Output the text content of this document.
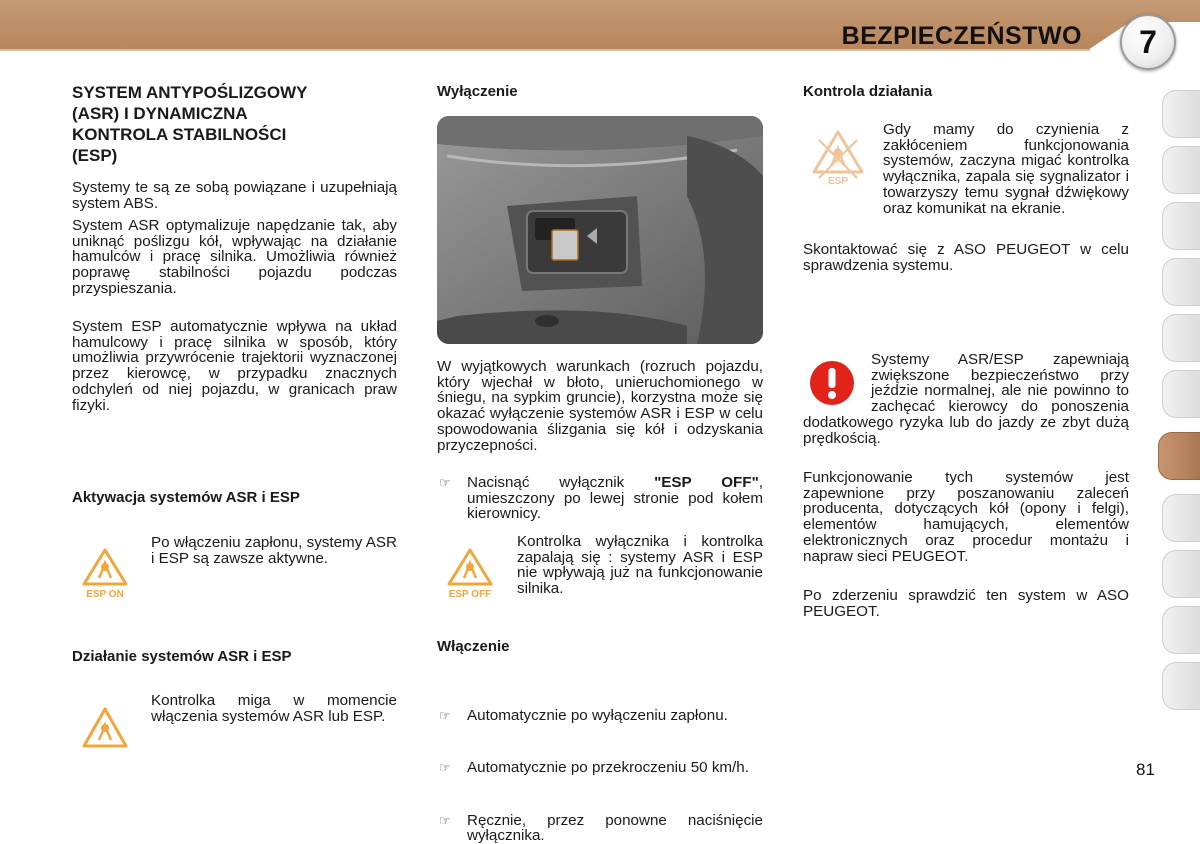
BEZPIECZEŃSTWO	7
SYSTEM ANTYPOŚLIZGOWY
(ASR) I DYNAMICZNA
KONTROLA STABILNOŚCI
(ESP)

Systemy te są ze sobą powiązane i uzupełniają system ABS.

System ASR optymalizuje napędzanie tak, aby uniknąć poślizgu kół, wpływając na działanie hamulców i pracę silnika. Umożliwia również poprawę stabilności pojazdu podczas przyspieszania.

System ESP automatycznie wpływa na układ hamulcowy i pracę silnika w sposób, który umożliwia przywrócenie trajektorii wyznaczonej przez kierowcę, w przypadku znacznych odchyleń od niej pojazdu, w granicach praw fizyki.

Aktywacja systemów ASR i ESP
ESP ON

Po włączeniu zapłonu, systemy ASR i ESP są zawsze aktywne.

Działanie systemów ASR i ESP

Kontrolka miga w momencie włączenia systemów ASR lub ESP.

Wyłączenie

W wyjątkowych warunkach (rozruch pojazdu, który wjechał w błoto, unieruchomionego w śniegu, na sypkim gruncie), korzystna może się okazać wyłączenie systemów ASR i ESP w celu spowodowania ślizgania się kół i odzyskania przyczepności.

☞ Nacisnąć wyłącznik "ESP OFF", umieszczony po lewej stronie pod kołem kierownicy.
ESP OFF

Kontrolka wyłącznika i kontrolka zapalają się : systemy ASR i ESP nie wpływają już na funkcjonowanie silnika.

Włączenie
☞ Automatycznie po wyłączeniu zapłonu.
☞ Automatycznie po przekroczeniu 50 km/h.
☞ Ręcznie, przez ponowne naciśnięcie wyłącznika.
Kontrola działania
ESP

Gdy mamy do czynienia z zakłóceniem funkcjonowania systemów, zaczyna migać kontrolka wyłącznika, zapala się sygnalizator i towarzyszy temu sygnał dźwiękowy oraz komunikat na ekranie.

Skontaktować się z ASO PEUGEOT w celu sprawdzenia systemu.

Systemy ASR/ESP zapewniają zwiększone bezpieczeństwo przy jeździe normalnej, ale nie powinno to zachęcać kierowcy do ponoszenia dodatkowego ryzyka lub do jazdy ze zbyt dużą prędkością.

Funkcjonowanie tych systemów jest zapewnione przy poszanowaniu zaleceń producenta, dotyczących kół (opony i felgi), elementów hamujących, elementów elektronicznych oraz procedur montażu i napraw sieci PEUGEOT.

Po zderzeniu sprawdzić ten system w ASO PEUGEOT.

81
